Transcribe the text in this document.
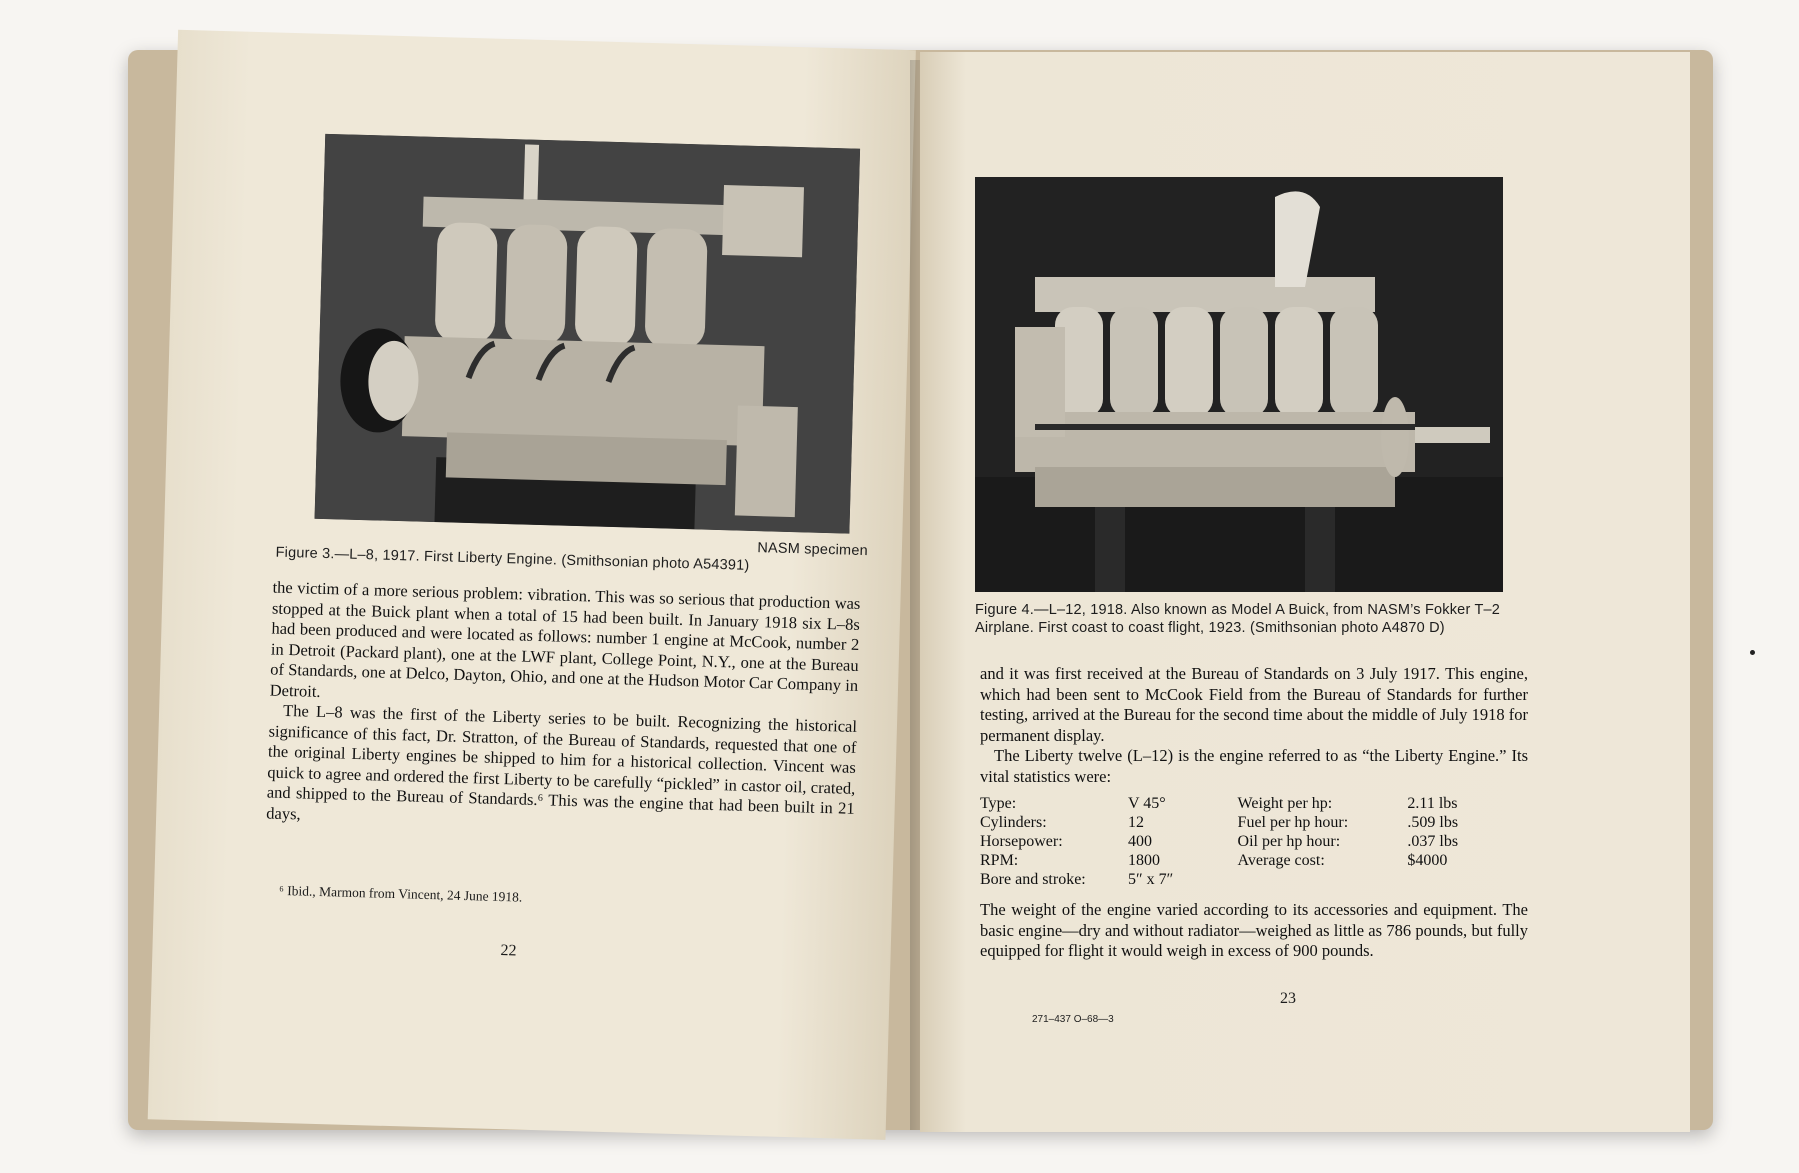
NASM specimen
Figure 3.—L–8, 1917. First Liberty Engine. (Smithsonian photo A54391)

the victim of a more serious problem: vibration. This was so serious that production was stopped at the Buick plant when a total of 15 had been built. In January 1918 six L–8s had been produced and were located as follows: number 1 engine at McCook, number 2 in Detroit (Packard plant), one at the LWF plant, College Point, N.Y., one at the Bureau of Standards, one at Delco, Dayton, Ohio, and one at the Hudson Motor Car Company in Detroit.

The L–8 was the first of the Liberty series to be built. Recognizing the historical significance of this fact, Dr. Stratton, of the Bureau of Standards, requested that one of the original Liberty engines be shipped to him for a historical collection. Vincent was quick to agree and ordered the first Liberty to be carefully “pickled” in castor oil, crated, and shipped to the Bureau of Standards.⁶ This was the engine that had been built in 21 days,

⁶ Ibid., Marmon from Vincent, 24 June 1918.
22
Figure 4.—L–12, 1918. Also known as Model A Buick, from NASM’s Fokker T–2 Airplane. First coast to coast flight, 1923. (Smithsonian photo A4870 D)

and it was first received at the Bureau of Standards on 3 July 1917. This engine, which had been sent to McCook Field from the Bureau of Standards for further testing, arrived at the Bureau for the second time about the middle of July 1918 for permanent display.

The Liberty twelve (L–12) is the engine referred to as “the Liberty Engine.” Its vital statistics were:

Type:	V 45°	Weight per hp:	2.11 lbs
Cylinders:	12	Fuel per hp hour:	.509 lbs
Horsepower:	400	Oil per hp hour:	.037 lbs
RPM:	1800	Average cost:	$4000
Bore and stroke:	5″ x 7″		

The weight of the engine varied according to its accessories and equipment. The basic engine—dry and without radiator—weighed as little as 786 pounds, but fully equipped for flight it would weigh in excess of 900 pounds.

23
271–437 O–68—3
